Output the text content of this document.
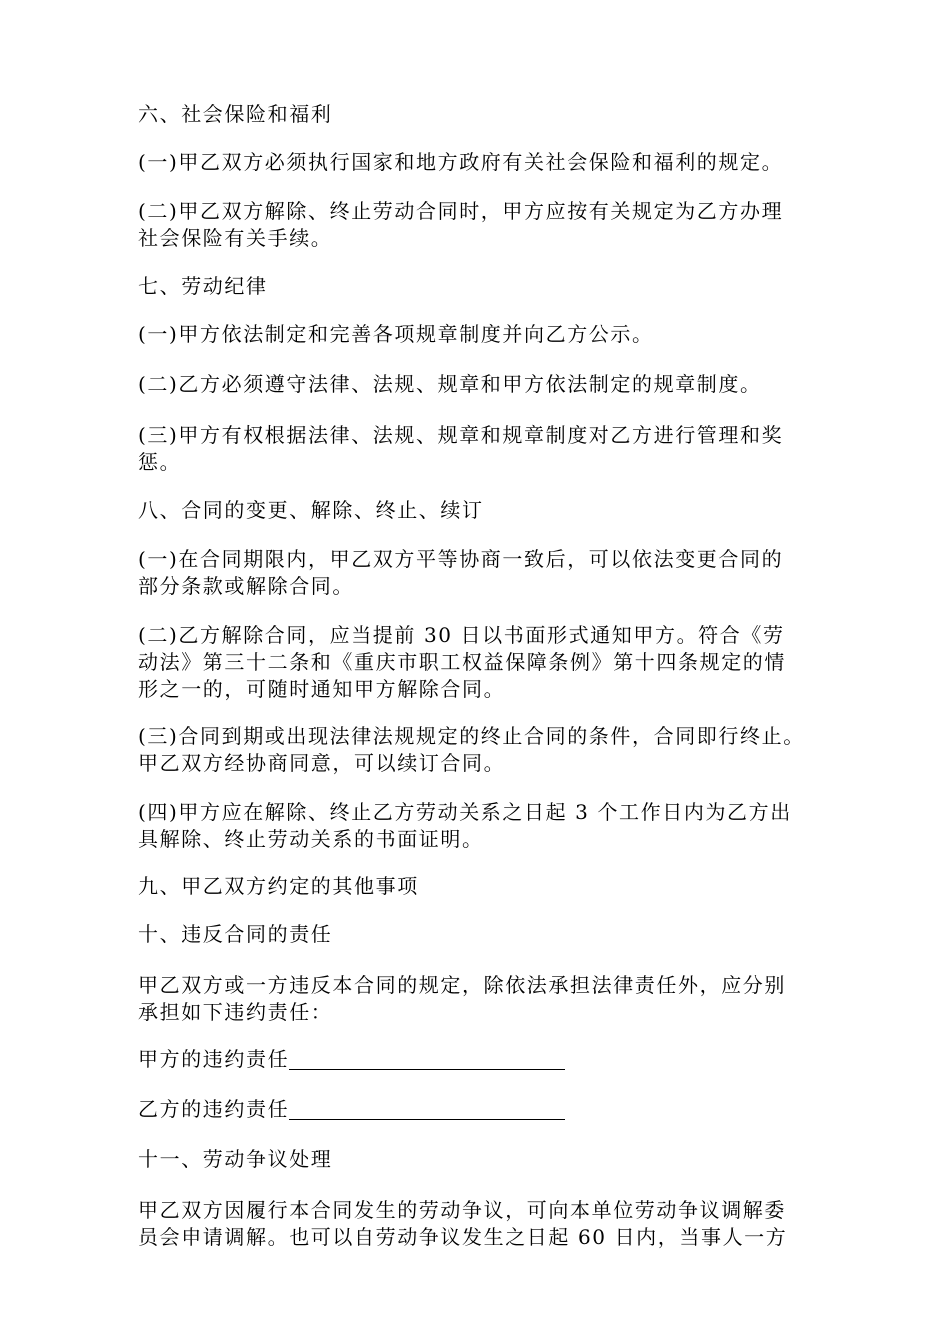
六、社会保险和福利

(一)甲乙双方必须执行国家和地方政府有关社会保险和福利的规定。

(二)甲乙双方解除、终止劳动合同时，甲方应按有关规定为乙方办理

社会保险有关手续。

七、劳动纪律

(一)甲方依法制定和完善各项规章制度并向乙方公示。

(二)乙方必须遵守法律、法规、规章和甲方依法制定的规章制度。

(三)甲方有权根据法律、法规、规章和规章制度对乙方进行管理和奖

惩。

八、合同的变更、解除、终止、续订

(一)在合同期限内，甲乙双方平等协商一致后，可以依法变更合同的

部分条款或解除合同。

(二)乙方解除合同，应当提前 30 日以书面形式通知甲方。符合《劳

动法》第三十二条和《重庆市职工权益保障条例》第十四条规定的情

形之一的，可随时通知甲方解除合同。

(三)合同到期或出现法律法规规定的终止合同的条件，合同即行终止。

甲乙双方经协商同意，可以续订合同。

(四)甲方应在解除、终止乙方劳动关系之日起 3 个工作日内为乙方出

具解除、终止劳动关系的书面证明。

九、甲乙双方约定的其他事项

十、违反合同的责任

甲乙双方或一方违反本合同的规定，除依法承担法律责任外，应分别

承担如下违约责任：

甲方的违约责任

乙方的违约责任

十一、劳动争议处理

甲乙双方因履行本合同发生的劳动争议，可向本单位劳动争议调解委

员会申请调解。也可以自劳动争议发生之日起 60 日内，当事人一方
